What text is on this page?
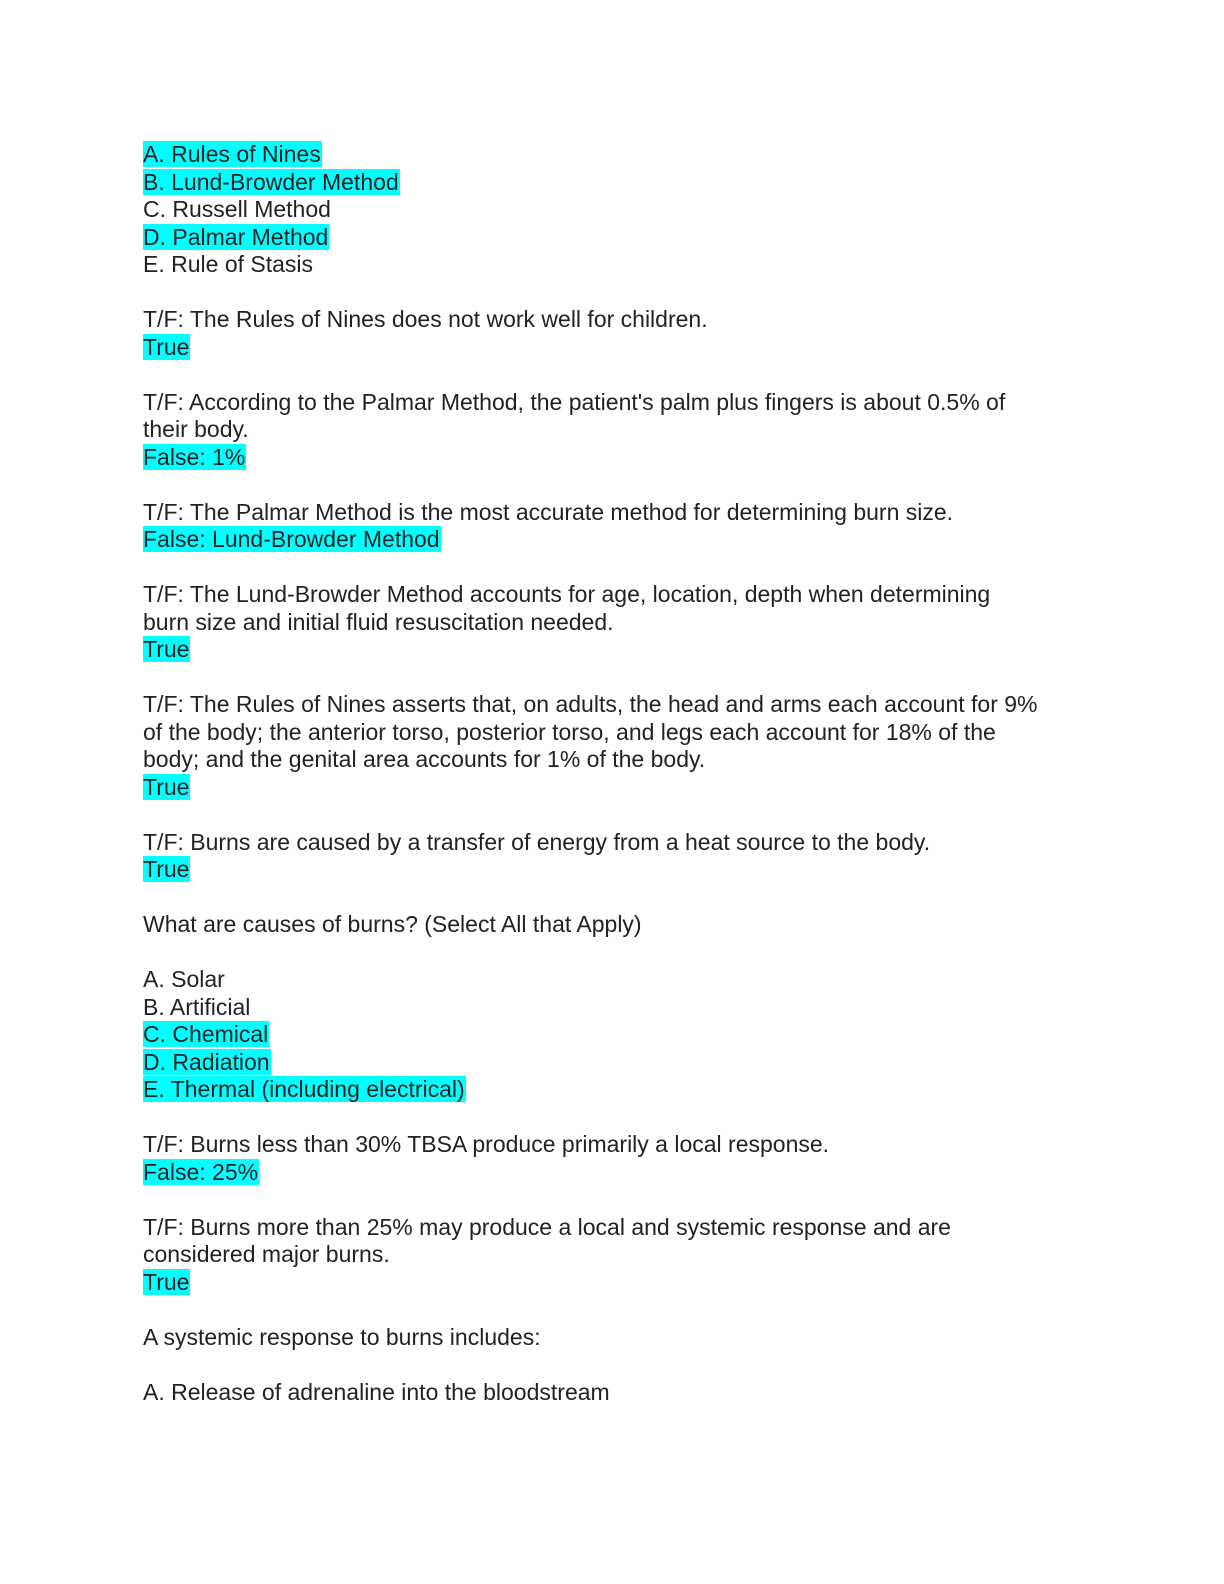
A. Rules of Nines
B. Lund-Browder Method
C. Russell Method
D. Palmar Method
E. Rule of Stasis
T/F: The Rules of Nines does not work well for children.
True
T/F: According to the Palmar Method, the patient's palm plus fingers is about 0.5% of
their body.
False: 1%
T/F: The Palmar Method is the most accurate method for determining burn size.
False: Lund-Browder Method
T/F: The Lund-Browder Method accounts for age, location, depth when determining
burn size and initial fluid resuscitation needed.
True
T/F: The Rules of Nines asserts that, on adults, the head and arms each account for 9%
of the body; the anterior torso, posterior torso, and legs each account for 18% of the
body; and the genital area accounts for 1% of the body.
True
T/F: Burns are caused by a transfer of energy from a heat source to the body.
True
What are causes of burns? (Select All that Apply)
A. Solar
B. Artificial
C. Chemical
D. Radiation
E. Thermal (including electrical)
T/F: Burns less than 30% TBSA produce primarily a local response.
False: 25%
T/F: Burns more than 25% may produce a local and systemic response and are
considered major burns.
True
A systemic response to burns includes:
A. Release of adrenaline into the bloodstream
